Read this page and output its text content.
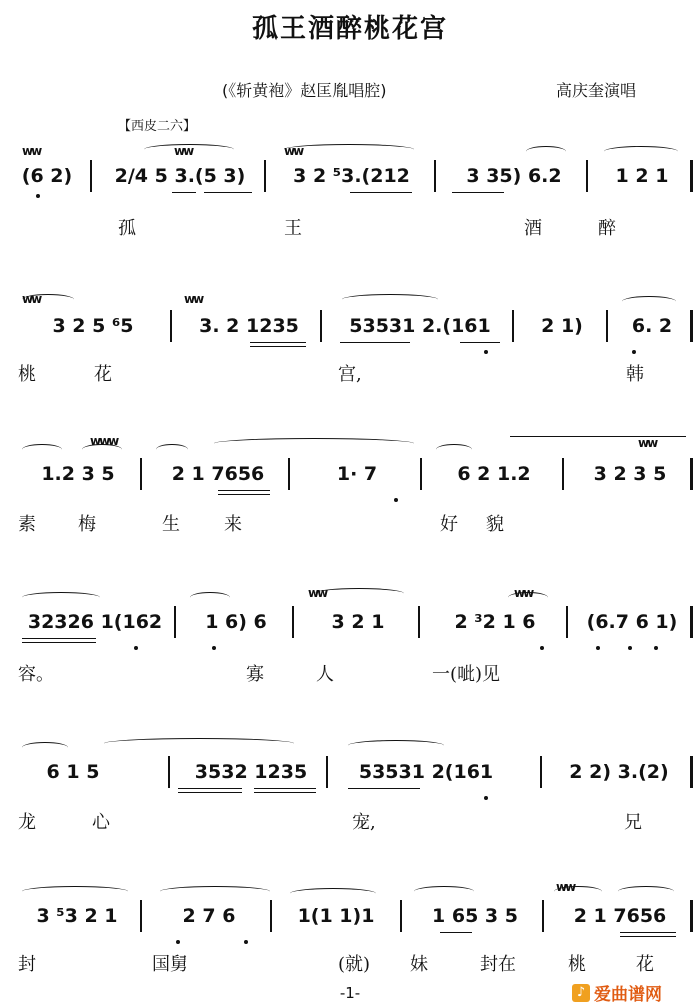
孤王酒醉桃花宫
(《斩黄袍》赵匡胤唱腔)	高庆奎演唱
【西皮二六】
(6 2)	2/4 5 3.(5 3)	3 2 ⁵3.(212	3 35) 6.2	1 2 1
ww	ww	ww
孤	王	酒	醉
3 2 5 ⁶5	3. 2 1235	53531 2.(161	2 1)	6. 2
ww	ww
桃	花	宫,	韩
1.2 3 5	2 1 7656	1· 7	6 2 1.2	3 2 3 5
www	ww
素 梅	生 来	好 貌
32326 1(162	1 6) 6	3 2 1	2 ³2 1 6	(6.7 6 1)
ww	ww
容。	寡	人	一(呲)见
6 1 5	3532 1235	53531 2(161	2 2) 3.(2)
龙	心	宠,	兄
3 ⁵3 2 1	2 7 6	1(1 1)1	1 65 3 5	2 1 7656
ww
封	国舅	(就) 妹	封在	桃	花
-1-	♪ 爱曲谱网
